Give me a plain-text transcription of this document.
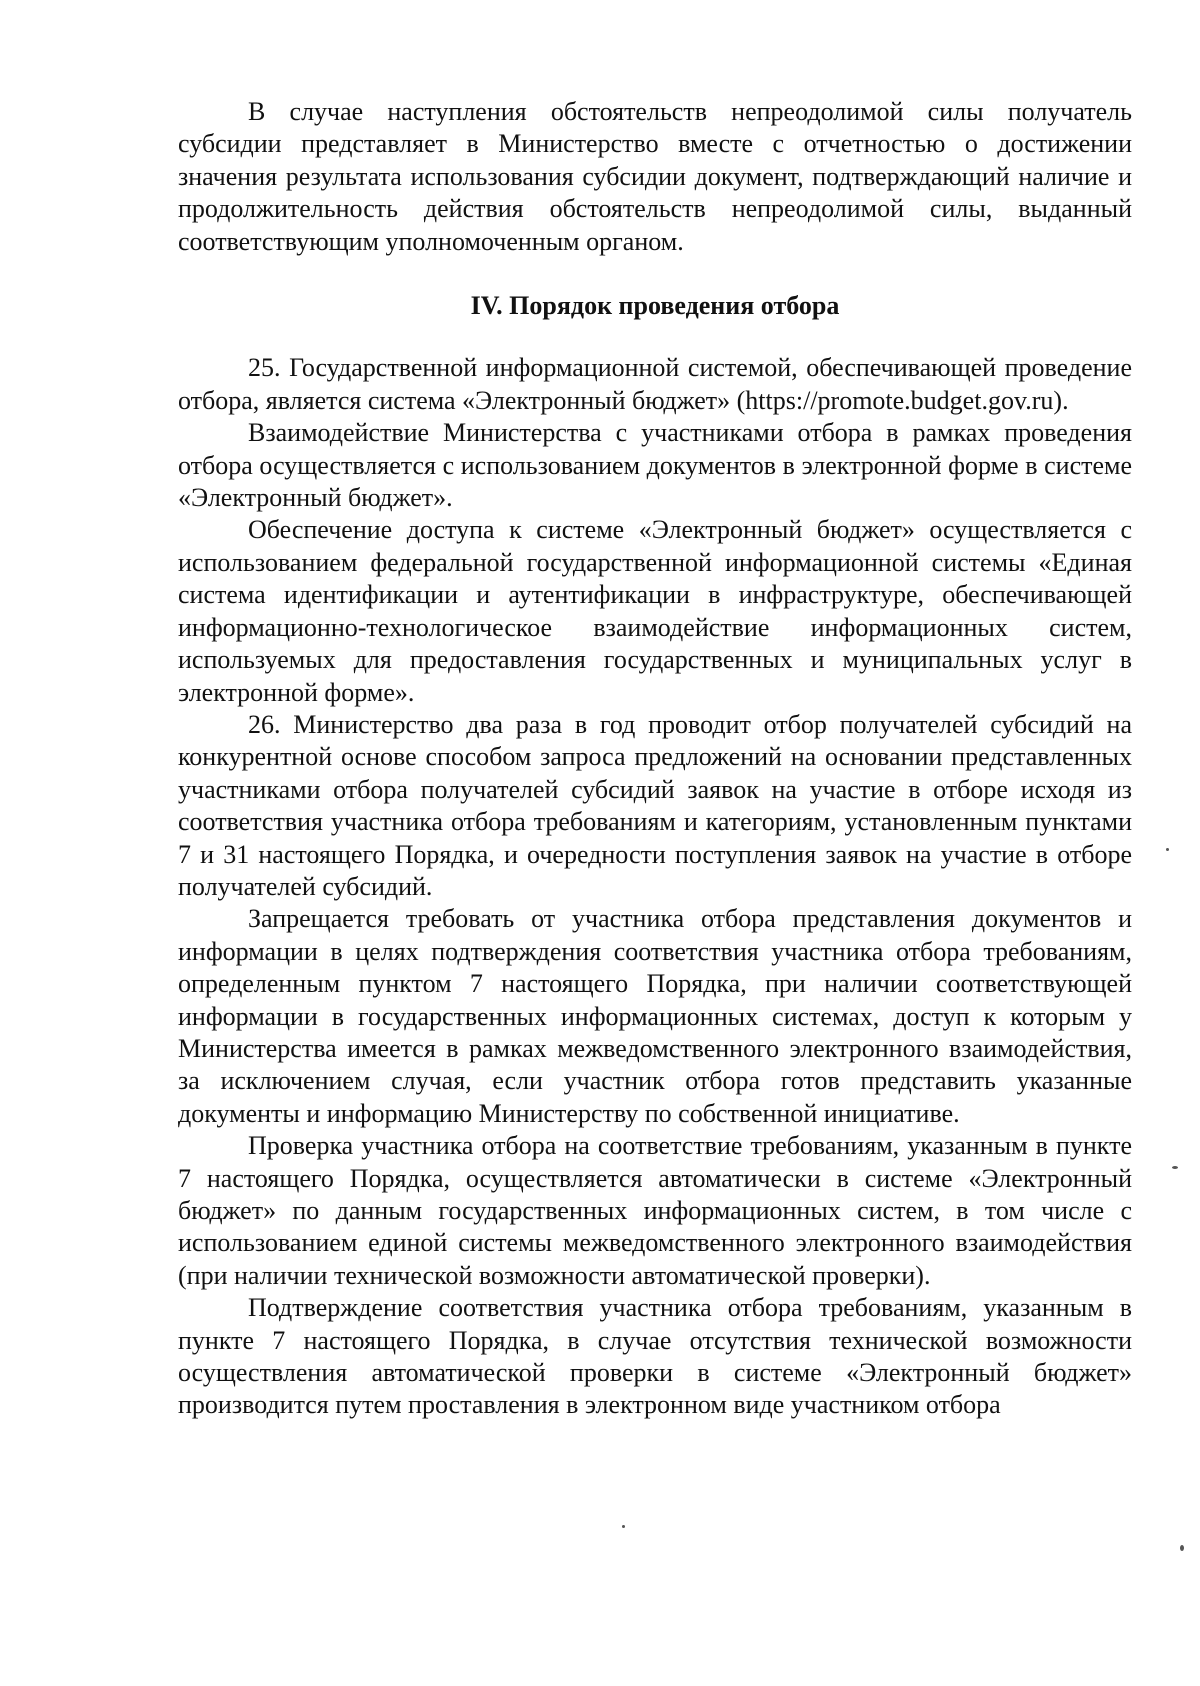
В случае наступления обстоятельств непреодолимой силы получатель субсидии представляет в Министерство вместе с отчетностью о достижении значения результата использования субсидии документ, подтверждающий наличие и продолжительность действия обстоятельств непреодолимой силы, выданный соответствующим уполномоченным органом.

IV. Порядок проведения отбора

25. Государственной информационной системой, обеспечивающей проведение отбора, является система «Электронный бюджет» (https://promote.budget.gov.ru).

Взаимодействие Министерства с участниками отбора в рамках проведения отбора осуществляется с использованием документов в электронной форме в системе «Электронный бюджет».

Обеспечение доступа к системе «Электронный бюджет» осуществляется с использованием федеральной государственной информационной системы «Единая система идентификации и аутентификации в инфраструктуре, обеспечивающей информационно-технологическое взаимодействие информационных систем, используемых для предоставления государственных и муниципальных услуг в электронной форме».

26. Министерство два раза в год проводит отбор получателей субсидий на конкурентной основе способом запроса предложений на основании представленных участниками отбора получателей субсидий заявок на участие в отборе исходя из соответствия участника отбора требованиям и категориям, установленным пунктами 7 и 31 настоящего Порядка, и очередности поступления заявок на участие в отборе получателей субсидий.

Запрещается требовать от участника отбора представления документов и информации в целях подтверждения соответствия участника отбора требованиям, определенным пунктом 7 настоящего Порядка, при наличии соответствующей информации в государственных информационных системах, доступ к которым у Министерства имеется в рамках межведомственного электронного взаимодействия, за исключением случая, если участник отбора готов представить указанные документы и информацию Министерству по собственной инициативе.

Проверка участника отбора на соответствие требованиям, указанным в пункте 7 настоящего Порядка, осуществляется автоматически в системе «Электронный бюджет» по данным государственных информационных систем, в том числе с использованием единой системы межведомственного электронного взаимодействия (при наличии технической возможности автоматической проверки).

Подтверждение соответствия участника отбора требованиям, указанным в пункте 7 настоящего Порядка, в случае отсутствия технической возможности осуществления автоматической проверки в системе «Электронный бюджет» производится путем проставления в электронном виде участником отбора
